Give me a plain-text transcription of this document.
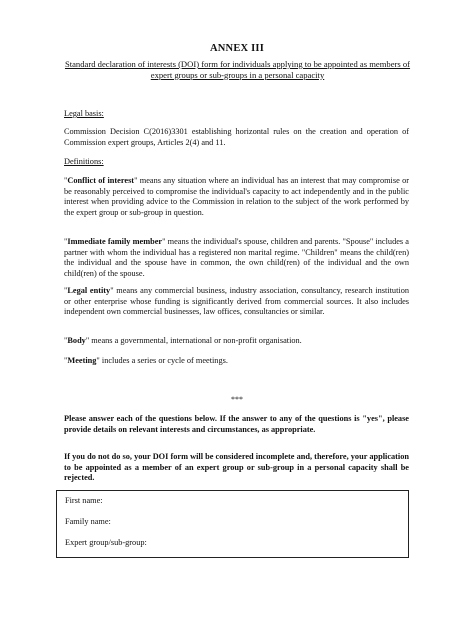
ANNEX III
Standard declaration of interests (DOI) form for individuals applying to be appointed as members of expert groups or sub-groups in a personal capacity
Legal basis:
Commission Decision C(2016)3301 establishing horizontal rules on the creation and operation of Commission expert groups, Articles 2(4) and 11.
Definitions:
"Conflict of interest" means any situation where an individual has an interest that may compromise or be reasonably perceived to compromise the individual's capacity to act independently and in the public interest when providing advice to the Commission in relation to the subject of the work performed by the expert group or sub-group in question.
"Immediate family member" means the individual's spouse, children and parents. "Spouse" includes a partner with whom the individual has a registered non marital regime. "Children" means the child(ren) the individual and the spouse have in common, the own child(ren) of the individual and the own child(ren) of the spouse.
"Legal entity" means any commercial business, industry association, consultancy, research institution or other enterprise whose funding is significantly derived from commercial sources. It also includes independent own commercial businesses, law offices, consultancies or similar.
"Body" means a governmental, international or non-profit organisation.
"Meeting" includes a series or cycle of meetings.
***
Please answer each of the questions below. If the answer to any of the questions is "yes", please provide details on relevant interests and circumstances, as appropriate.
If you do not do so, your DOI form will be considered incomplete and, therefore, your application to be appointed as a member of an expert group or sub-group in a personal capacity shall be rejected.
First name:
Family name:
Expert group/sub-group:
